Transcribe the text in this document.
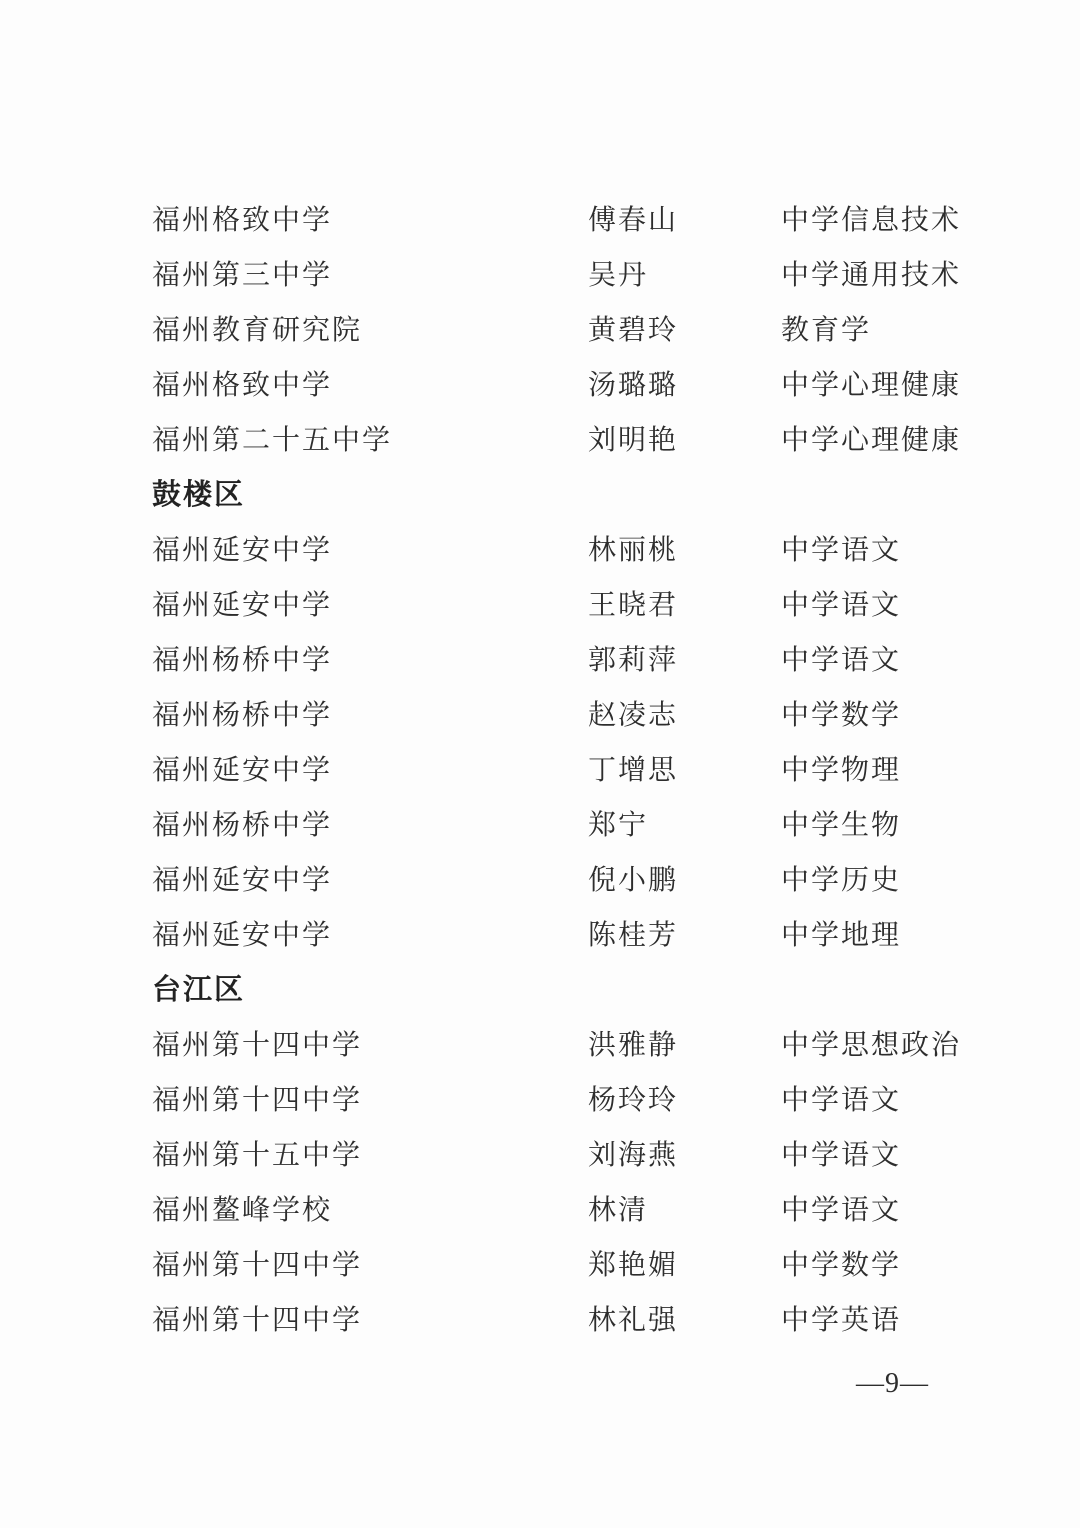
福州格致中学	傅春山	中学信息技术
福州第三中学	吴丹	中学通用技术
福州教育研究院	黄碧玲	教育学
福州格致中学	汤璐璐	中学心理健康
福州第二十五中学	刘明艳	中学心理健康
鼓楼区
福州延安中学	林丽桃	中学语文
福州延安中学	王晓君	中学语文
福州杨桥中学	郭莉萍	中学语文
福州杨桥中学	赵凌志	中学数学
福州延安中学	丁增思	中学物理
福州杨桥中学	郑宁	中学生物
福州延安中学	倪小鹏	中学历史
福州延安中学	陈桂芳	中学地理
台江区
福州第十四中学	洪雅静	中学思想政治
福州第十四中学	杨玲玲	中学语文
福州第十五中学	刘海燕	中学语文
福州鳌峰学校	林清	中学语文
福州第十四中学	郑艳媚	中学数学
福州第十四中学	林礼强	中学英语
—9—
